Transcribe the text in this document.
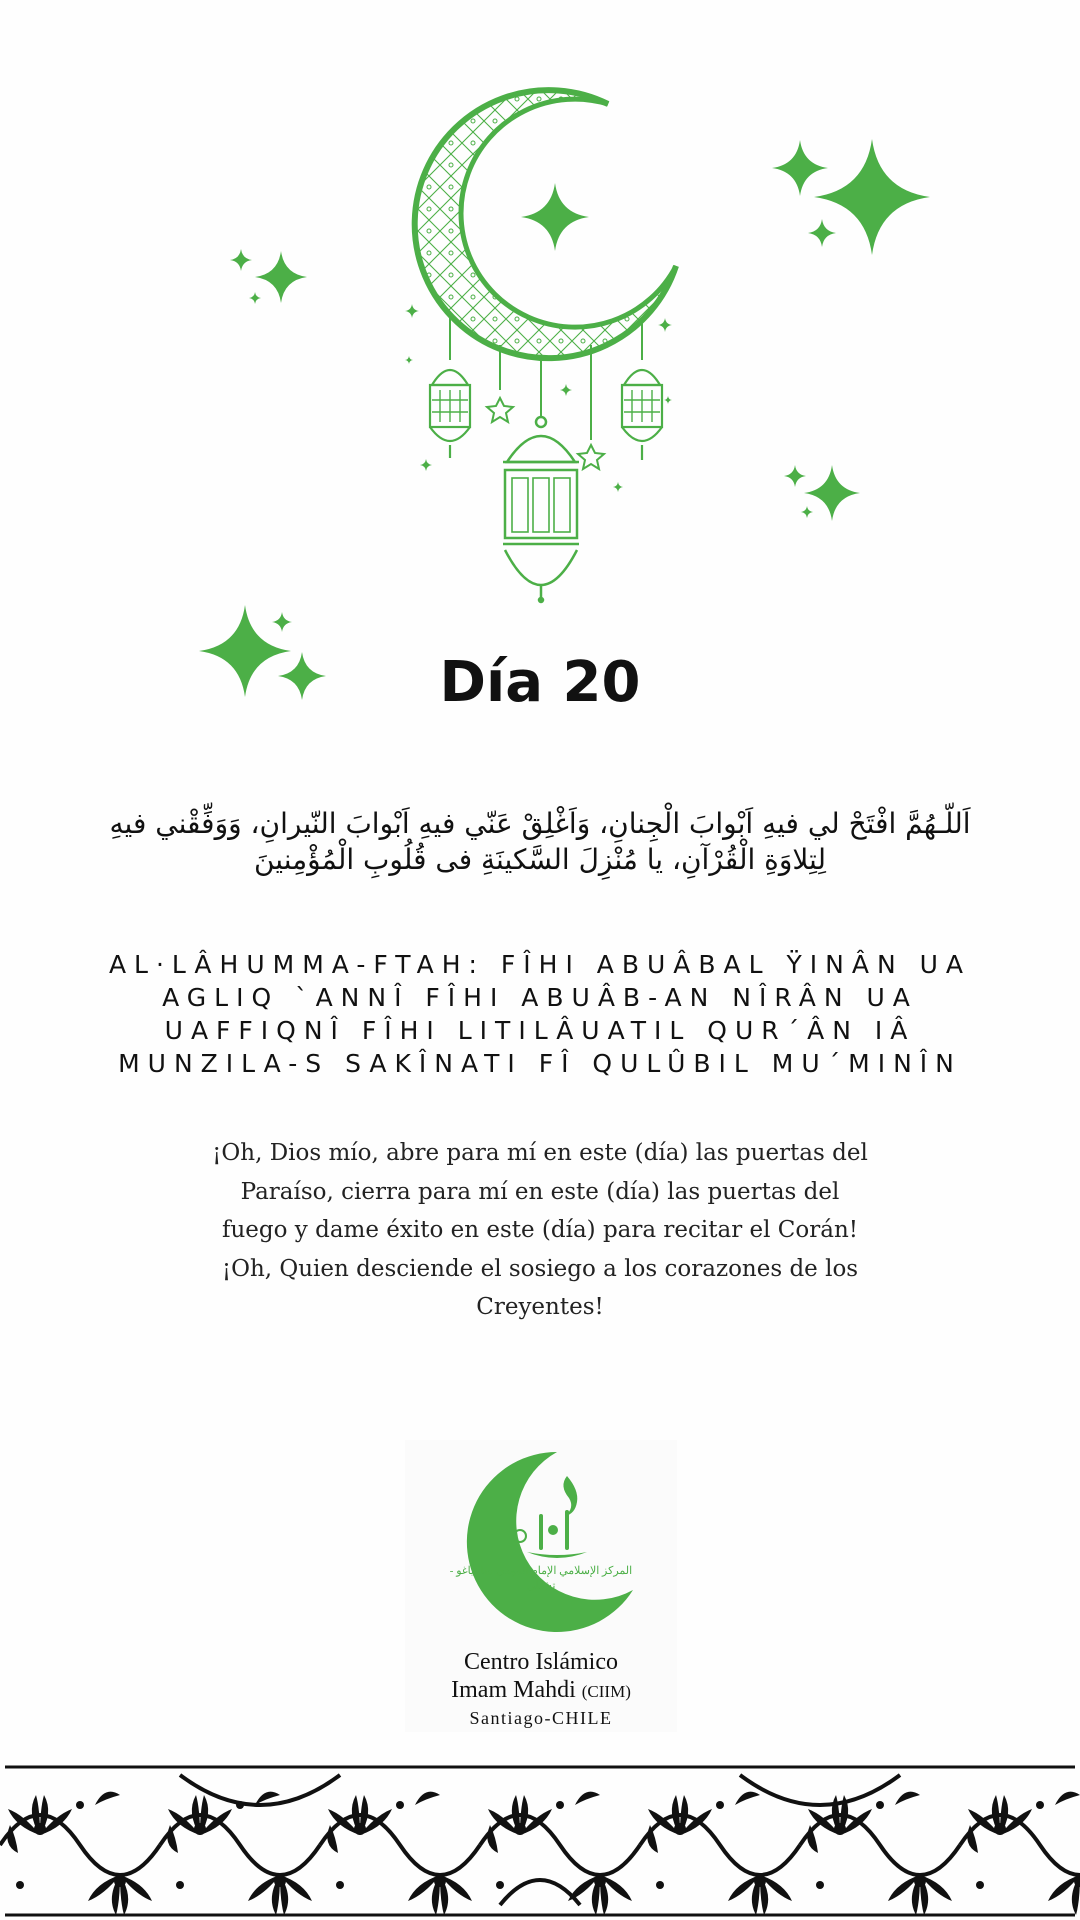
Día 20
اَللّـهُمَّ افْتَحْ لي فيهِ اَبْوابَ الْجِنانِ، وَاَغْلِقْ عَنّي فيهِ اَبْوابَ النّيرانِ، وَوَفِّقْني فيهِ لِتِلاوَةِ الْقُرْآنِ، يا مُنْزِلَ السَّكينَةِ فى قُلُوبِ الْمُؤْمِنينَ
AL·LÂHUMMA-FTAH: FÎHI ABUÂBAL ŸINÂN UA AGLIQ `ANNÎ FÎHI ABUÂB-AN NÎRÂN UA UAFFIQNÎ FÎHI LITILÂUATIL QUR´ÂN IÂ MUNZILA-S SAKÎNATI FÎ QULÛBIL MU´MINÎN
¡Oh, Dios mío, abre para mí en este (día) las puertas del Paraíso, cierra para mí en este (día) las puertas del fuego y dame éxito en este (día) para recitar el Corán! ¡Oh, Quien desciende el sosiego a los corazones de los Creyentes!
المركز الإسلامي الإمام المهدي سانتياغو - تشيلي
Centro Islámico
Imam Mahdi (CIIM)
Santiago-CHILE
